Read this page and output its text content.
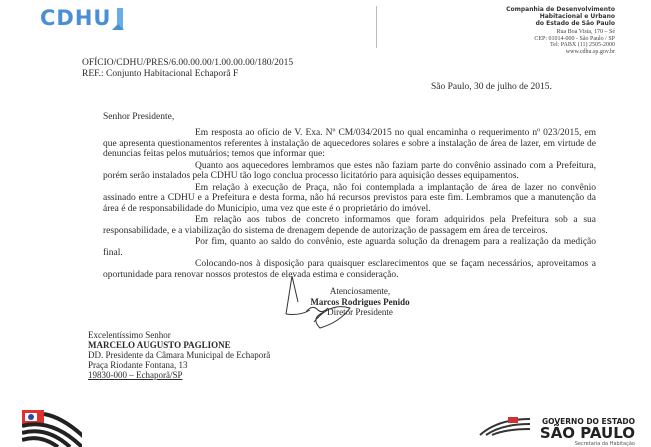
CDHU	Companhia de Desenvolvimento
Habitacional e Urbano
do Estado de São Paulo
Rua Boa Vista, 170 – Sé
CEP: 01014-000 - São Paulo / SP
Tel: PABX (11) 2505-2000
www.cdhu.sp.gov.br
OFÍCIO/CDHU/PRES/6.00.00.00/1.00.00.00/180/2015
REF.: Conjunto Habitacional Echaporã F
São Paulo, 30 de julho de 2015.
Senhor Presidente,

Em resposta ao ofício de V. Exa. Nº CM/034/2015 no qual encaminha o requerimento nº 023/2015, em que apresenta questionamentos referentes à instalação de aquecedores solares e sobre a instalação de área de lazer, em virtude de denuncias feitas pelos mutuários; temos que informar que:

Quanto aos aquecedores lembramos que estes não faziam parte do convênio assinado com a Prefeitura, porém serão instalados pela CDHU tão logo conclua processo licitatório para aquisição desses equipamentos.

Em relação à execução de Praça, não foi contemplada a implantação de área de lazer no convênio assinado entre a CDHU e a Prefeitura e desta forma, não há recursos previstos para este fim. Lembramos que a manutenção da área é de responsabilidade do Município, uma vez que este é o proprietário do imóvel.

Em relação aos tubos de concreto informamos que foram adquiridos pela Prefeitura sob a sua responsabilidade, e a viabilização do sistema de drenagem depende de autorização de passagem em área de terceiros.

Por fim, quanto ao saldo do convênio, este aguarda solução da drenagem para a realização da medição final.

Colocando-nos à disposição para quaisquer esclarecimentos que se façam necessários, aproveitamos a oportunidade para renovar nossos protestos de elevada estima e consideração.

Atenciosamente,
Marcos Rodrigues Penido
Diretor Presidente
Excelentíssimo Senhor
MARCELO AUGUSTO PAGLIONE
DD. Presidente da Câmara Municipal de Echaporã
Praça Riodante Fontana, 13
19830-000 – Echaporã/SP
GOVERNO DO ESTADO
SÃO PAULO
Secretaria da Habitação
